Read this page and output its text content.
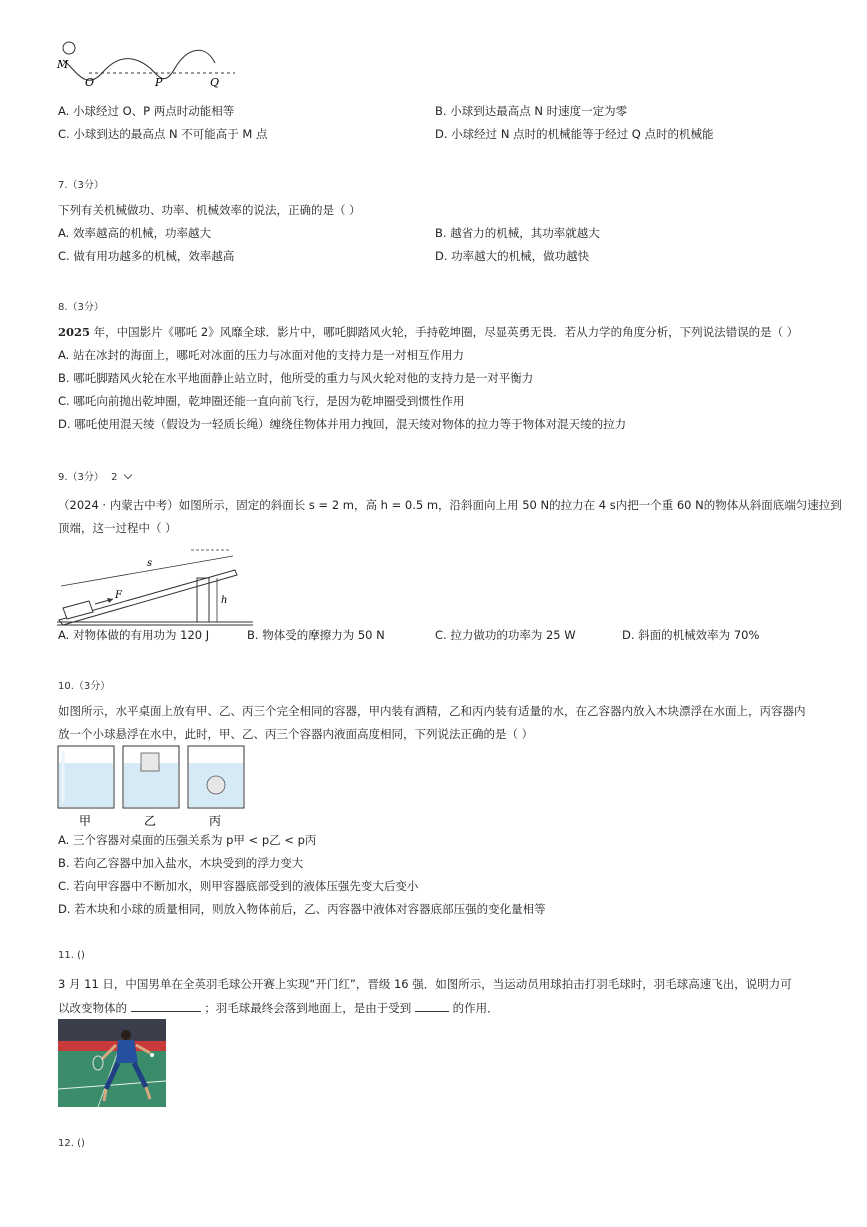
M
O	P	Q
A. 小球经过 O、P 两点时动能相等	B. 小球到达最高点 N 时速度一定为零
C. 小球到达的最高点 N 不可能高于 M 点	D. 小球经过 N 点时的机械能等于经过 Q 点时的机械能
7.（3分）
下列有关机械做功、功率、机械效率的说法，正确的是（ ）
A. 效率越高的机械，功率越大	B. 越省力的机械，其功率就越大
C. 做有用功越多的机械，效率越高	D. 功率越大的机械，做功越快
8.（3分）
2025 年，中国影片《哪吒 2》风靡全球．影片中，哪吒脚踏风火轮，手持乾坤圈，尽显英勇无畏．若从力学的角度分析，下列说法错误的是（ ）
A. 站在冰封的海面上，哪吒对冰面的压力与冰面对他的支持力是一对相互作用力
B. 哪吒脚踏风火轮在水平地面静止站立时，他所受的重力与风火轮对他的支持力是一对平衡力
C. 哪吒向前抛出乾坤圈，乾坤圈还能一直向前飞行，是因为乾坤圈受到惯性作用
D. 哪吒使用混天绫（假设为一轻质长绳）缠绕住物体并用力拽回，混天绫对物体的拉力等于物体对混天绫的拉力
9.（3分） 2
（2024 · 内蒙古中考）如图所示，固定的斜面长 s = 2 m，高 h = 0.5 m，沿斜面向上用 50 N的拉力在 4 s内把一个重 60 N的物体从斜面底端匀速拉到
顶端，这一过程中（ ）
h
F
s
A. 对物体做的有用功为 120 J	B. 物体受的摩擦力为 50 N	C. 拉力做功的功率为 25 W	D. 斜面的机械效率为 70%
10.（3分）
如图所示，水平桌面上放有甲、乙、丙三个完全相同的容器，甲内装有酒精，乙和丙内装有适量的水，在乙容器内放入木块漂浮在水面上，丙容器内
放一个小球悬浮在水中，此时，甲、乙、丙三个容器内液面高度相同，下列说法正确的是（ ）
甲	乙	丙
A. 三个容器对桌面的压强关系为 p甲 < p乙 < p丙
B. 若向乙容器中加入盐水，木块受到的浮力变大
C. 若向甲容器中不断加水，则甲容器底部受到的液体压强先变大后变小
D. 若木块和小球的质量相同，则放入物体前后，乙、丙容器中液体对容器底部压强的变化量相等
11. ()
3 月 11 日，中国男单在全英羽毛球公开赛上实现“开门红”，晋级 16 强．如图所示，当运动员用球拍击打羽毛球时，羽毛球高速飞出，说明力可
以改变物体的	；羽毛球最终会落到地面上，是由于受到	的作用．
12. ()
